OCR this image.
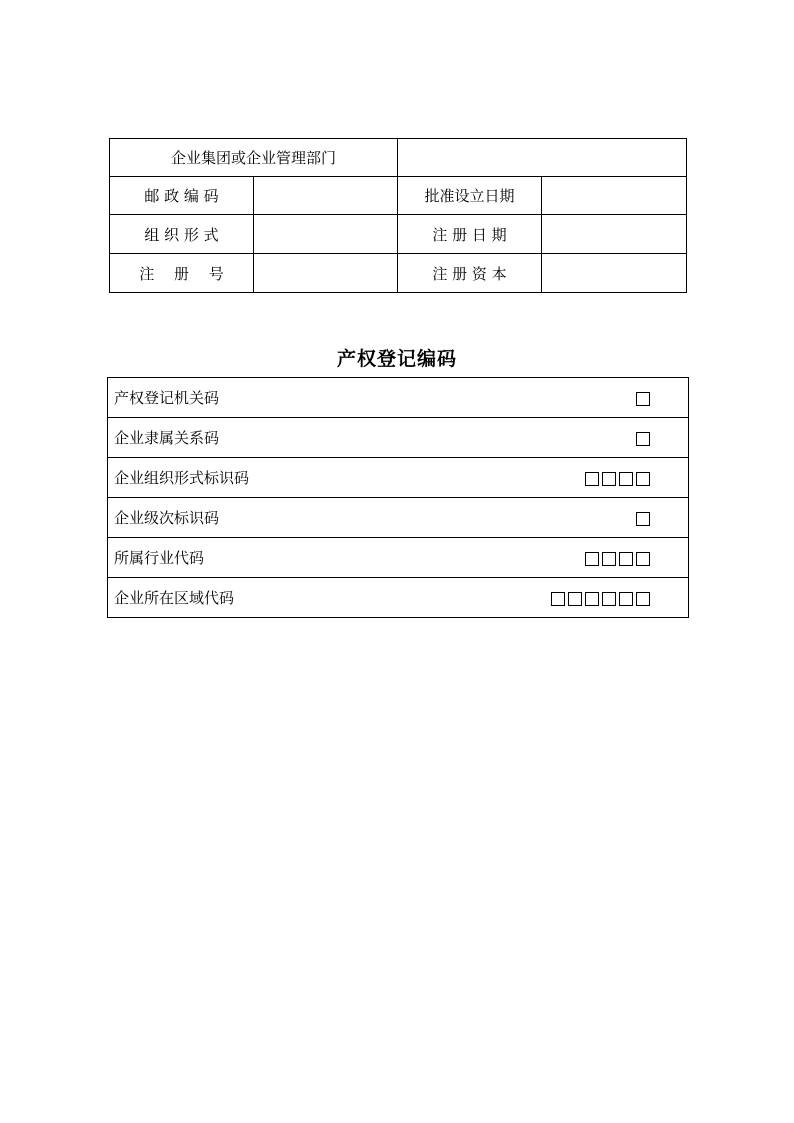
企业集团或企业管理部门			
邮 政 编 码		批准设立日期	
组 织 形 式		注 册 日 期	
注　 册　 号		注 册 资 本	
产权登记编码
产权登记机关码	
企业隶属关系码	
企业组织形式标识码	
企业级次标识码	
所属行业代码	
企业所在区域代码	
